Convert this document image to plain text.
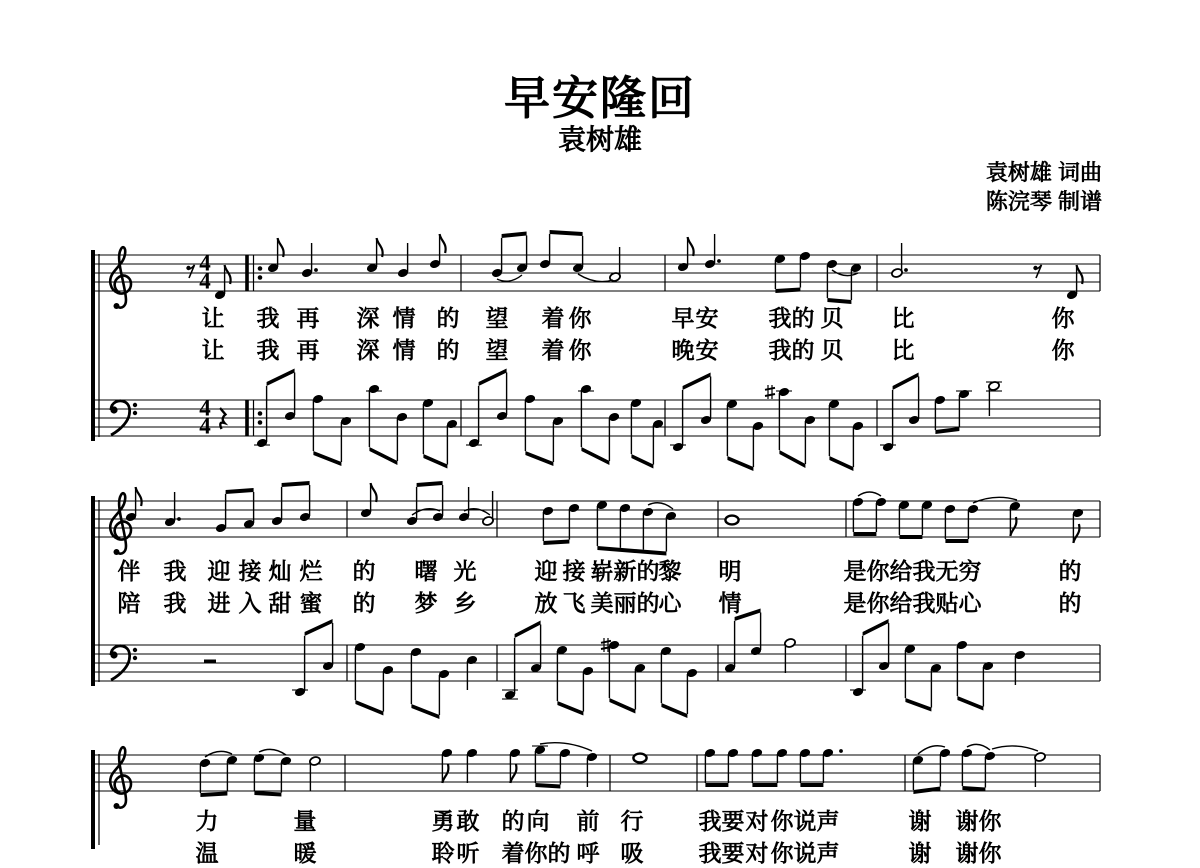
早安隆回
袁树雄
袁树雄 词曲
陈浣琴 制谱
4
4
4
4
让 我 再 深 情 的 望 着 你	早 安 我 的 贝 比	你
让 我 再 深 情 的 望 着 你	晚 安 我 的 贝 比	你
伴 我 迎 接 灿 烂 的 曙 光	迎 接 崭 新 的 黎 明	是 你 给 我 无 穷	的
陪 我 进 入 甜 蜜 的 梦 乡	放 飞 美 丽 的 心 情	是 你 给 我 贴 心	的
力	量	勇 敢 的 向 前 行 我 要 对 你 说 声	谢 谢 你
温	暖	聆 听 着 你 的 呼 吸 我 要 对 你 说 声	谢 谢 你
